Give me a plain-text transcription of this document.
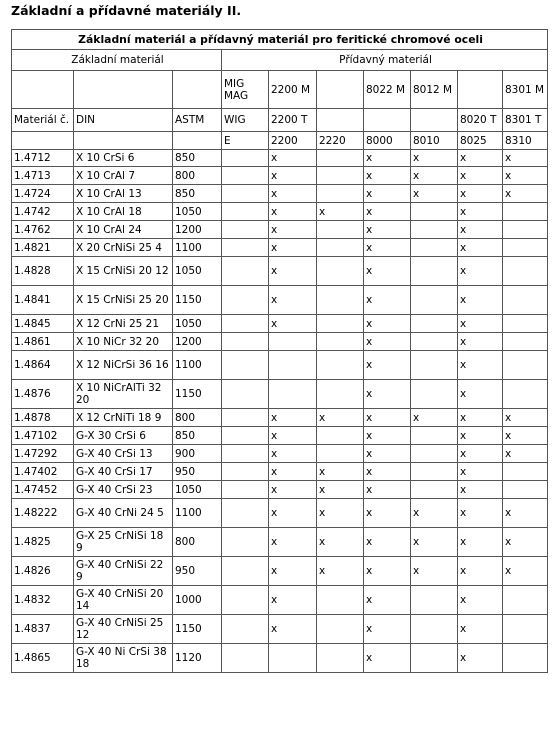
Základní a přídavné materiály II.
Základní materiál a přídavný materiál pro feritické chromové oceli									
Základní materiál			Přídavný materiál						
			MIG
MAG	2200 M		8022 M	8012 M		8301 M
Materiál č.	DIN	ASTM	WIG	2200 T				8020 T	8301 T
			E	2200	2220	8000	8010	8025	8310
1.4712	X 10 CrSi 6	850		x		x	x	x	x
1.4713	X 10 CrAl 7	800		x		x	x	x	x
1.4724	X 10 CrAl 13	850		x		x	x	x	x
1.4742	X 10 CrAl 18	1050		x	x	x		x	
1.4762	X 10 CrAl 24	1200		x		x		x	
1.4821	X 20 CrNiSi 25 4	1100		x		x		x	
1.4828	X 15 CrNiSi 20 12	1050		x		x		x	
1.4841	X 15 CrNiSi 25 20	1150		x		x		x	
1.4845	X 12 CrNi 25 21	1050		x		x		x	
1.4861	X 10 NiCr 32 20	1200				x		x	
1.4864	X 12 NiCrSi 36 16	1100				x		x	
1.4876	X 10 NiCrAlTi 32 20	1150				x		x	
1.4878	X 12 CrNiTi 18 9	800		x	x	x	x	x	x
1.47102	G-X 30 CrSi 6	850		x		x		x	x
1.47292	G-X 40 CrSi 13	900		x		x		x	x
1.47402	G-X 40 CrSi 17	950		x	x	x		x	
1.47452	G-X 40 CrSi 23	1050		x	x	x		x	
1.48222	G-X 40 CrNi 24 5	1100		x	x	x	x	x	x
1.4825	G-X 25 CrNiSi 18 9	800		x	x	x	x	x	x
1.4826	G-X 40 CrNiSi 22 9	950		x	x	x	x	x	x
1.4832	G-X 40 CrNiSi 20 14	1000		x		x		x	
1.4837	G-X 40 CrNiSi 25 12	1150		x		x		x	
1.4865	G-X 40 Ni CrSi 38 18	1120				x		x	
